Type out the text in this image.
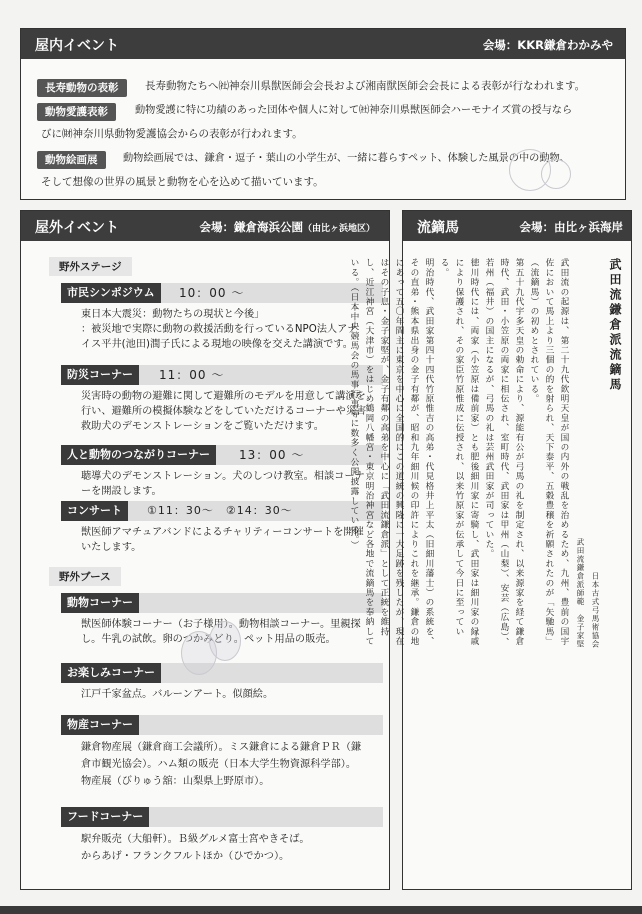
屋内イベント	会場：KKR鎌倉わかみや
長寿動物の表彰	長寿動物たちへ㈳神奈川県獣医師会会長および湘南獣医師会会長による表彰が行なわれます。
動物愛護表彰	動物愛護に特に功績のあった団体や個人に対して㈳神奈川県獣医師会ハーモナイズ賞の授与なら
びに㈶神奈川県動物愛護協会からの表彰が行われます。
動物絵画展	動物絵画展では、鎌倉・逗子・葉山の小学生が、一緒に暮らすペット、体験した風景の中の動物、
そして想像の世界の風景と動物を心を込めて描いています。
屋外イベント	会場：鎌倉海浜公園（由比ヶ浜地区）
野外ステージ
市民シンポジウム	10：00 ～
東日本大震災：動物たちの現状と今後」
：被災地で実際に動物の救援活動を行っているNPO法人アナ
イス平井(池田)潤子氏による現地の映像を交えた講演です。
防災コーナー	11：00 ～
災害時の動物の避難に関して避難所のモデルを用意して講演を
行い、避難所の模擬体験などをしていただけるコーナーや災害
救助犬のデモンストレーションをご覧いただけます。
人と動物のつながりコーナー	13：00 ～
聴導犬のデモンストレーション。犬のしつけ教室。相談コーナ
ーを開設します。
コンサート	①11：30～　②14：30～
獣医師アマチュアバンドによるチャリティーコンサートを開催
いたします。
野外ブース
動物コーナー
獣医師体験コーナー（お子様用）。動物相談コーナー。里親探
し。牛乳の試飲。卵のつかみどり。ペット用品の販売。
お楽しみコーナー
江戸千家盆点。バルーンアート。似顔絵。
物産コーナー
鎌倉物産展（鎌倉商工会議所）。ミス鎌倉による鎌倉ＰＲ（鎌
倉市観光協会）。ハム類の販売（日本大学生物資源科学部）。
物産展（びりゅう舘：山梨県上野原市）。
フードコーナー
駅弁販売（大船軒）。Ｂ級グルメ富士宮やきそば。
からあげ・フランクフルトほか（ひでかつ）。
流鏑馬	会場：由比ヶ浜海岸
武田流鎌倉派流鏑馬
日本古式弓馬術協会
武田流鎌倉派師範　金子家堅
武田流の起源は、第二十九代欽明天皇が国の内外の戦乱を治めるため、九州、豊前の国宇佐において馬上より三個の的を射られ、天下泰平、五穀豊穣を祈願されたのが「矢馳馬」（流鏑馬）の初めとされている。
第五十九代宇多天皇の勅命により、源能有公が弓馬の礼を制定され、以来源家を経て鎌倉時代、武田・小笠原の両家に相伝され、室町時代、武田家は甲州（山梨）、安芸（広島）、若州（福井）の国主になるが、弓馬の礼は芸州武田家が司っていた。
徳川時代には、両家（小笠原は備前家）とも肥後細川家に寄騎し、武田家は細川家の縁戚により保護され、その家臣竹原惟成に伝授され、以来竹原家が伝承して今日に至っている。
明治時代、武田家第四十四代竹原惟吉の高弟・代見格井上平太（旧細川藩士）の系統を、その直弟・熊本県出身の金子有鄰が、昭和九年細川候の印許によりこれを継承。鎌倉の地にあって五〇年間主に東京を中心に全国的にこの道統の興隆に一大足跡を残したが、現在はその子息・金子家堅が、金子有鄰の高弟を中心に「武田流鎌倉派」として正統を維持し、近江神宮（大津市）をはじめ鶴岡八幡宮・東京明治神宮など各地で流鏑馬を奉納している。（日本中央競馬会の馬事行事等に数多く公開披露している。）
